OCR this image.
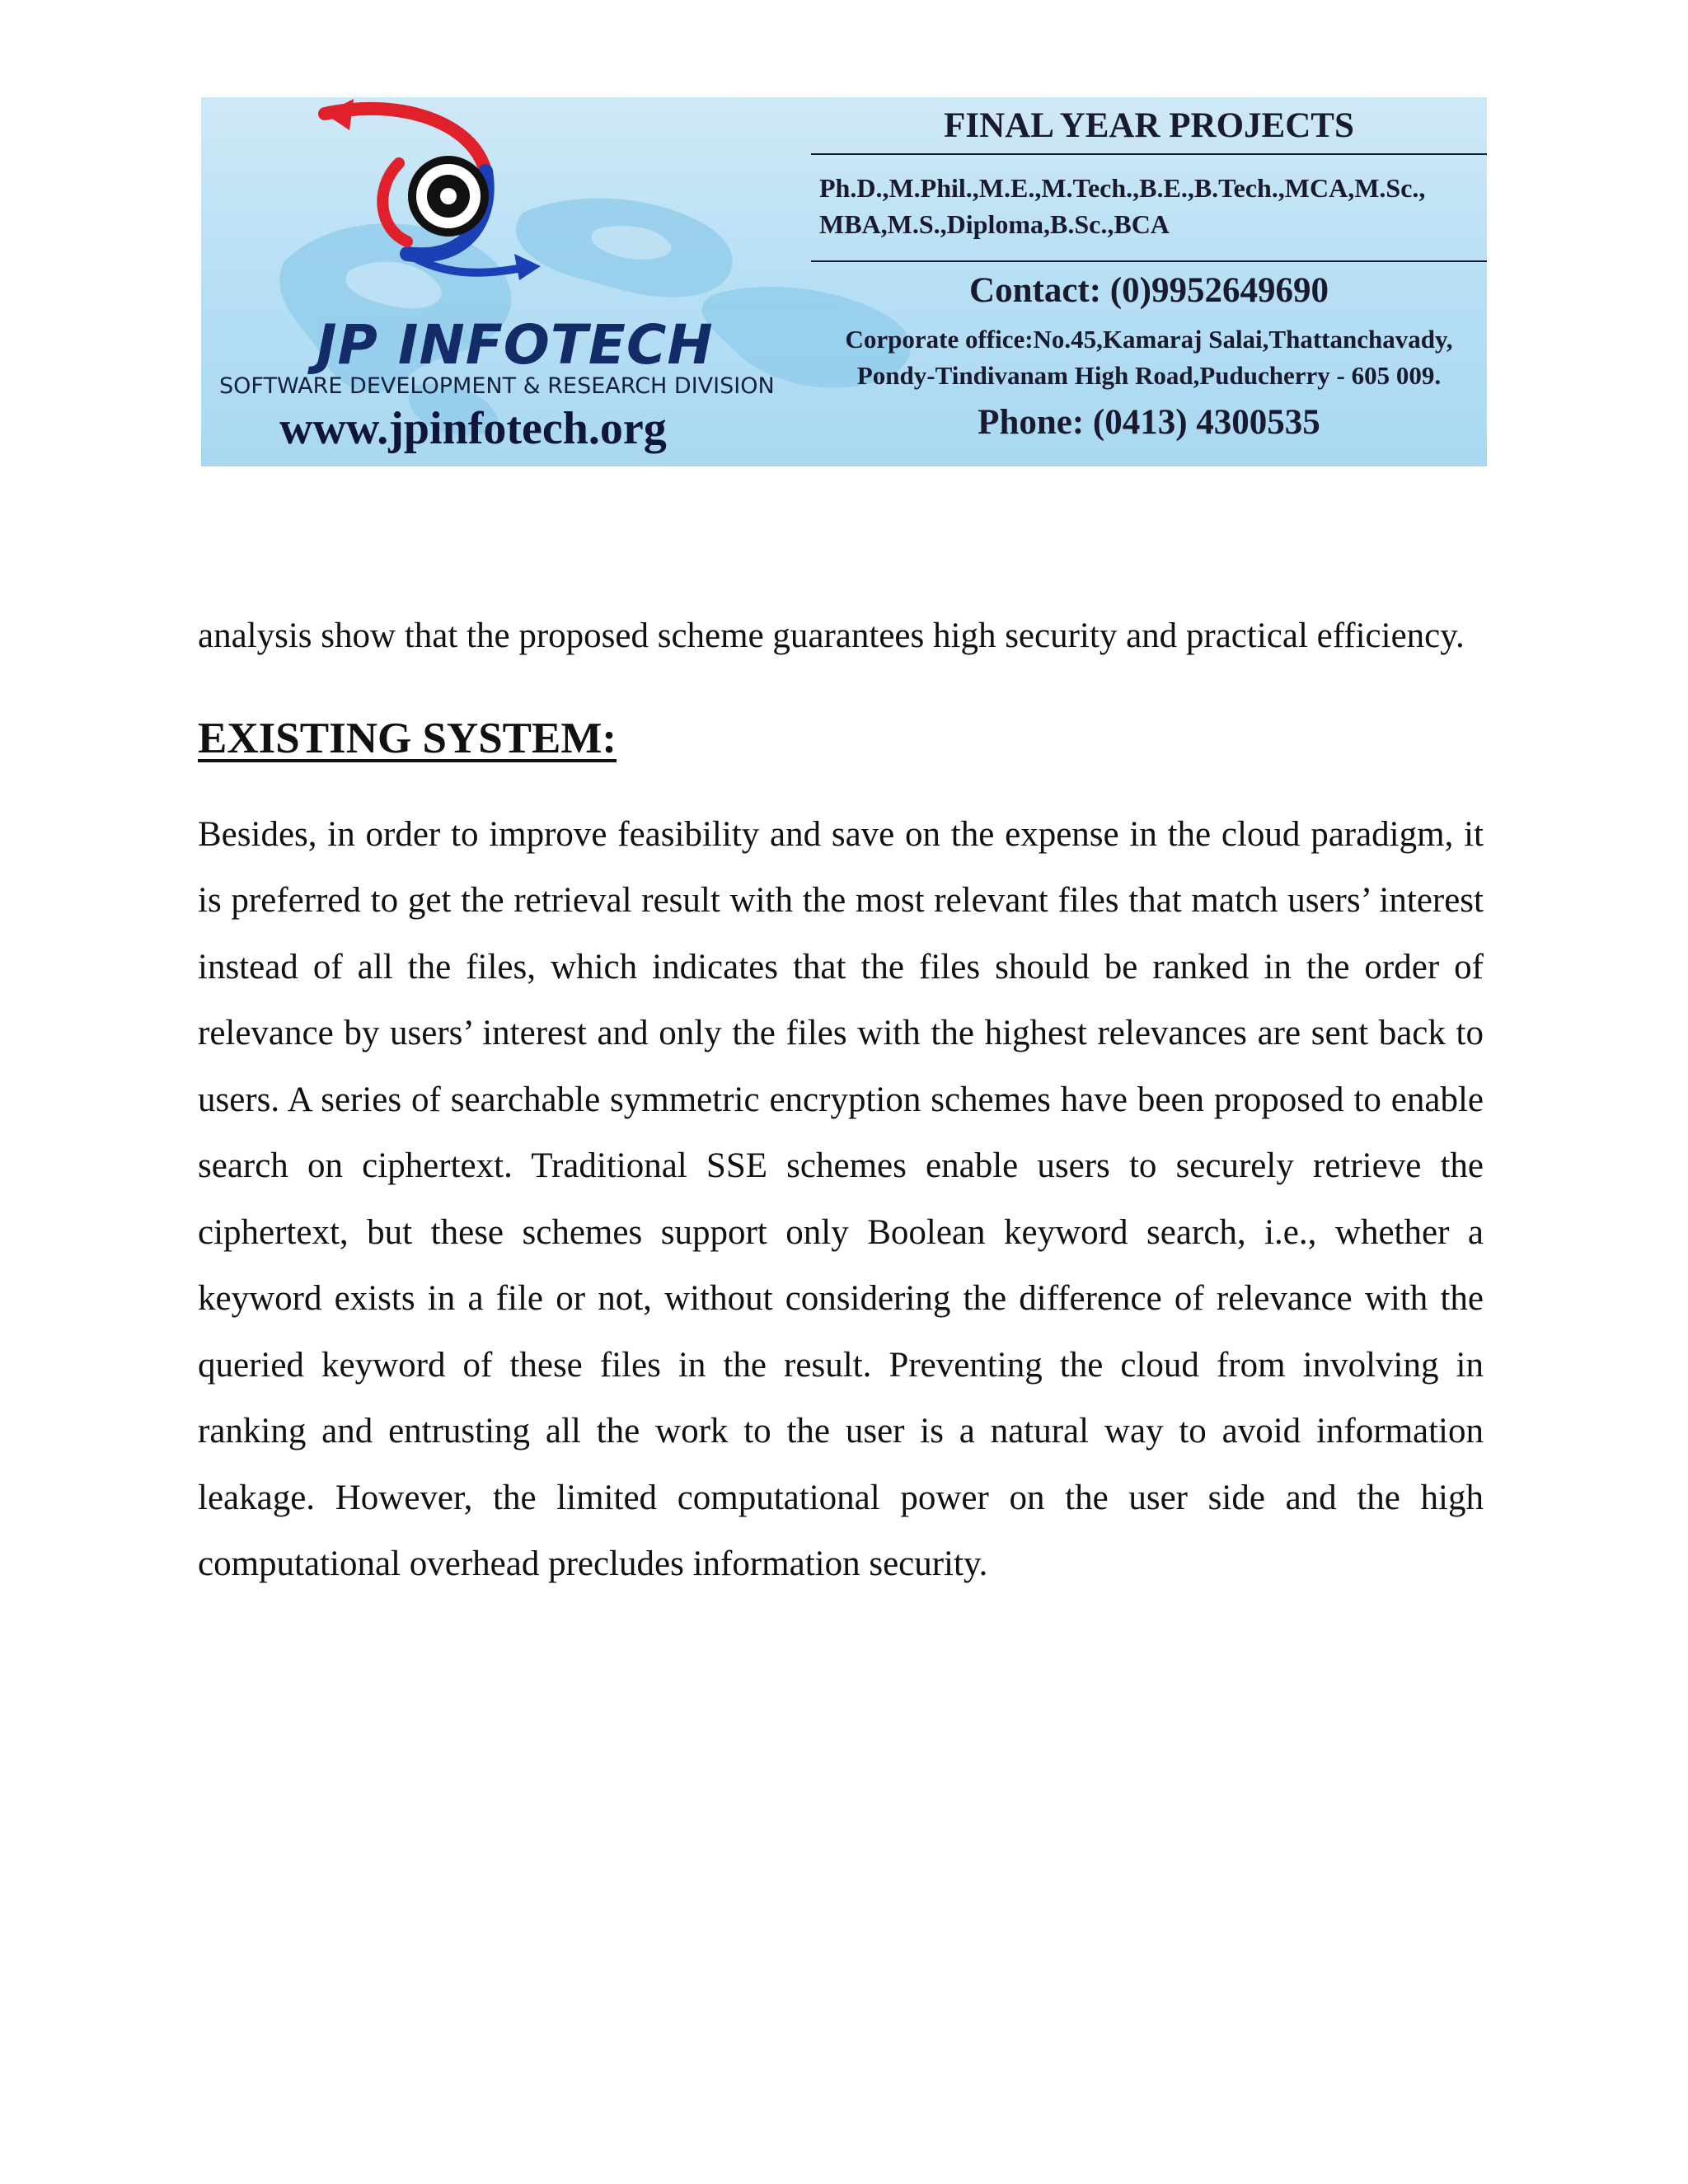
JP INFOTECH
SOFTWARE DEVELOPMENT & RESEARCH DIVISION
www.jpinfotech.org
FINAL YEAR PROJECTS
Ph.D.,M.Phil.,M.E.,M.Tech.,B.E.,B.Tech.,MCA,M.Sc.,
MBA,M.S.,Diploma,B.Sc.,BCA
Contact: (0)9952649690
Corporate office:No.45,Kamaraj Salai,Thattanchavady,
Pondy-Tindivanam High Road,Puducherry - 605 009.
Phone: (0413) 4300535

analysis show that the proposed scheme guarantees high security and practical efficiency.

EXISTING SYSTEM:

Besides, in order to improve feasibility and save on the expense in the cloud paradigm, it is preferred to get the retrieval result with the most relevant files that match users’ interest instead of all the files, which indicates that the files should be ranked in the order of relevance by users’ interest and only the files with the highest relevances are sent back to users. A series of searchable symmetric encryption schemes have been proposed to enable search on ciphertext. Traditional SSE schemes enable users to securely retrieve the ciphertext, but these schemes support only Boolean keyword search, i.e., whether a keyword exists in a file or not, without considering the difference of relevance with the queried keyword of these files in the result. Preventing the cloud from involving in ranking and entrusting all the work to the user is a natural way to avoid information leakage. However, the limited computational power on the user side and the high computational overhead precludes information security.
